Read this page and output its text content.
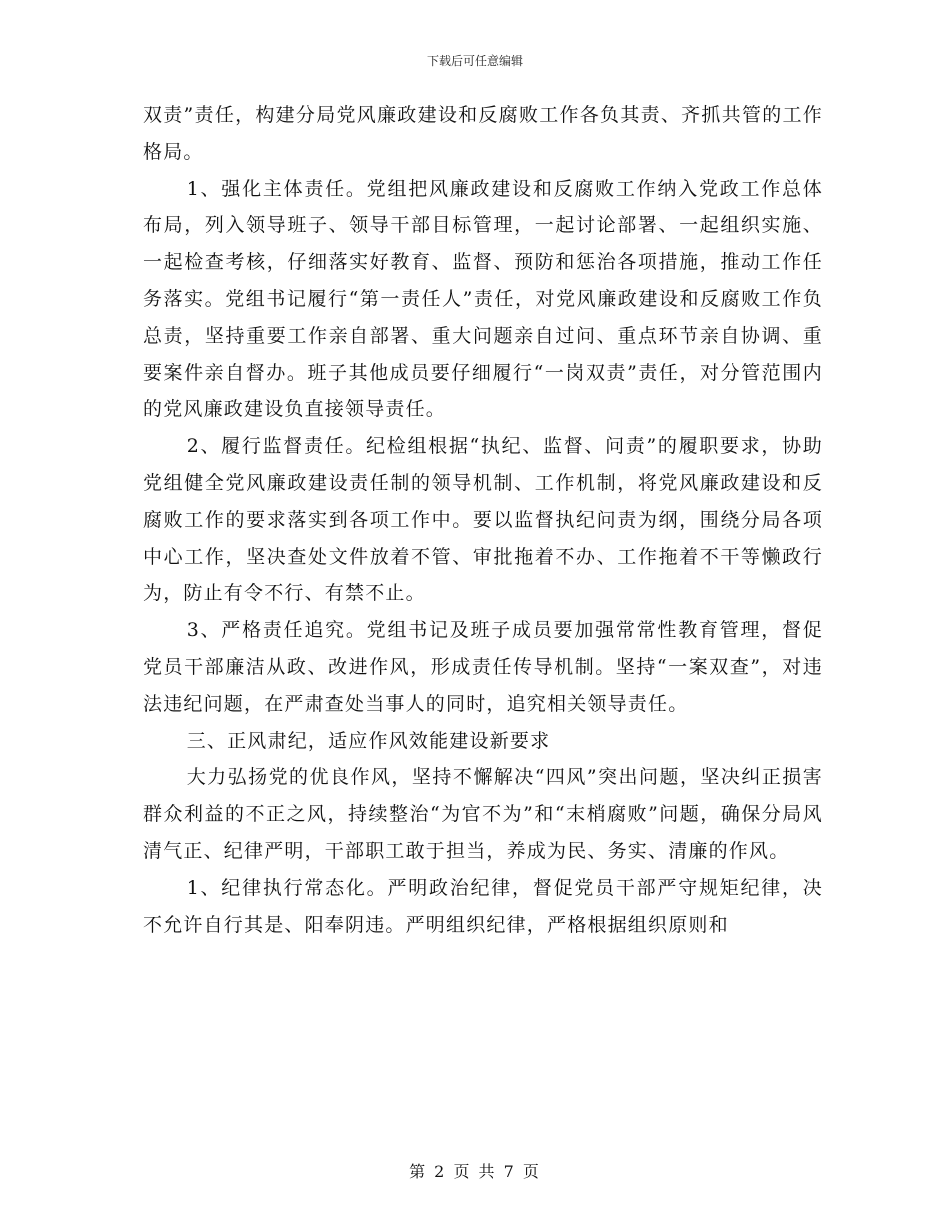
下载后可任意编辑

双责”责任，构建分局党风廉政建设和反腐败工作各负其责、齐抓共管的工作格局。

1、强化主体责任。党组把风廉政建设和反腐败工作纳入党政工作总体布局，列入领导班子、领导干部目标管理，一起讨论部署、一起组织实施、一起检查考核，仔细落实好教育、监督、预防和惩治各项措施，推动工作任务落实。党组书记履行“第一责任人”责任，对党风廉政建设和反腐败工作负总责，坚持重要工作亲自部署、重大问题亲自过问、重点环节亲自协调、重要案件亲自督办。班子其他成员要仔细履行“一岗双责”责任，对分管范围内的党风廉政建设负直接领导责任。

2、履行监督责任。纪检组根据“执纪、监督、问责”的履职要求，协助党组健全党风廉政建设责任制的领导机制、工作机制，将党风廉政建设和反腐败工作的要求落实到各项工作中。要以监督执纪问责为纲，围绕分局各项中心工作，坚决查处文件放着不管、审批拖着不办、工作拖着不干等懒政行为，防止有令不行、有禁不止。

3、严格责任追究。党组书记及班子成员要加强常常性教育管理，督促党员干部廉洁从政、改进作风，形成责任传导机制。坚持“一案双查”，对违法违纪问题，在严肃查处当事人的同时，追究相关领导责任。

三、正风肃纪，适应作风效能建设新要求

大力弘扬党的优良作风，坚持不懈解决“四风”突出问题，坚决纠正损害群众利益的不正之风，持续整治“为官不为”和“末梢腐败”问题，确保分局风清气正、纪律严明，干部职工敢于担当，养成为民、务实、清廉的作风。

1、纪律执行常态化。严明政治纪律，督促党员干部严守规矩纪律，决不允许自行其是、阳奉阴违。严明组织纪律，严格根据组织原则和

第 2 页 共 7 页
